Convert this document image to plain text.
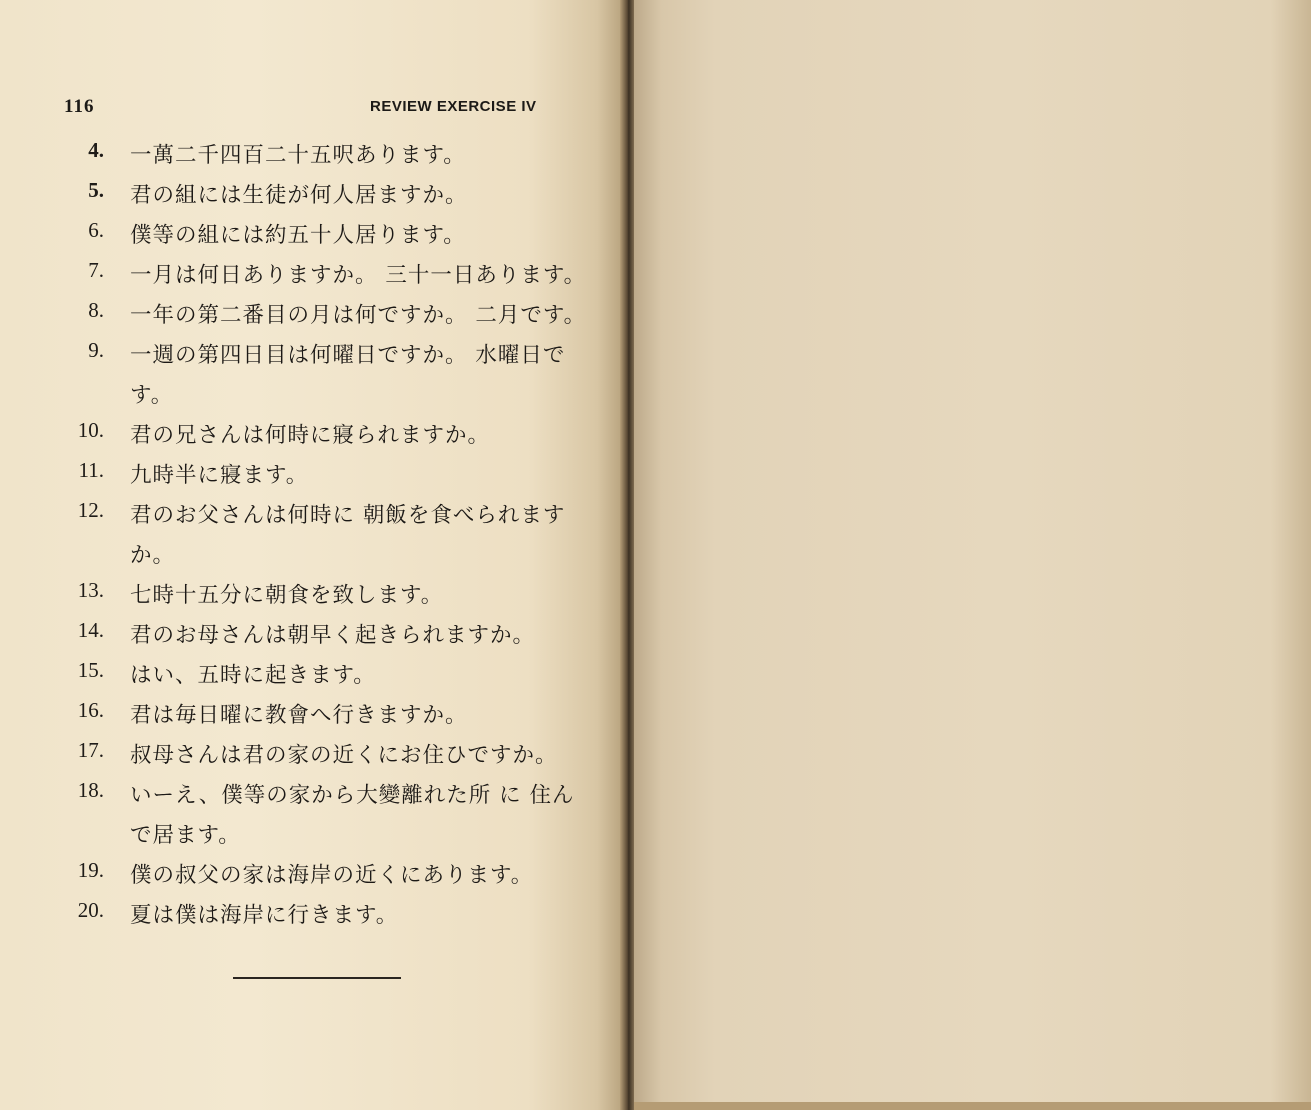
116	REVIEW EXERCISE IV
4. 一萬二千四百二十五呎あります。
5. 君の組には生徒が何人居ますか。
6. 僕等の組には約五十人居ります。
7. 一月は何日ありますか。 三十一日あります。
8. 一年の第二番目の月は何ですか。 二月です。
9. 一週の第四日目は何曜日ですか。 水曜日で
す。
10. 君の兄さんは何時に寢られますか。
11. 九時半に寢ます。
12. 君のお父さんは何時に 朝飯を食べられます
か。
13. 七時十五分に朝食を致します。
14. 君のお母さんは朝早く起きられますか。
15. はい、五時に起きます。
16. 君は毎日曜に教會へ行きますか。
17. 叔母さんは君の家の近くにお住ひですか。
18. いーえ、僕等の家から大變離れた所 に 住ん
で居ます。
19. 僕の叔父の家は海岸の近くにあります。
20. 夏は僕は海岸に行きます。
